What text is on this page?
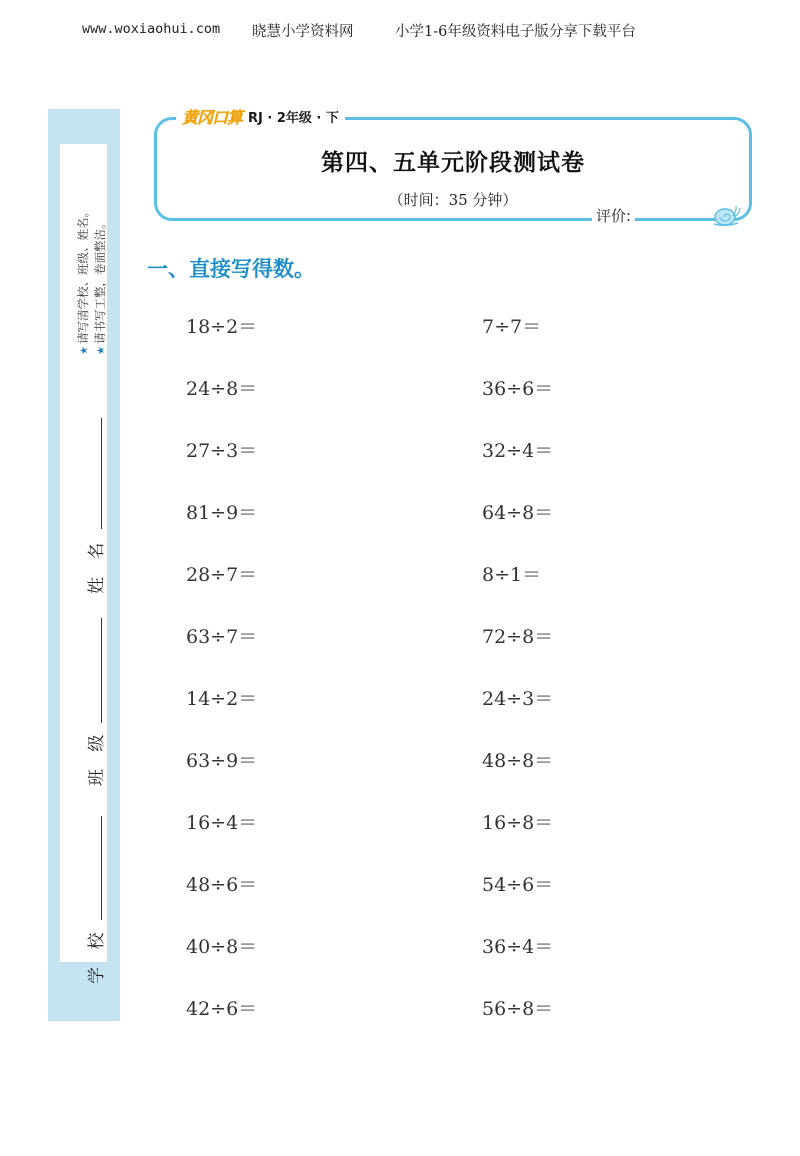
www.woxiaohui.com 晓慧小学资料网	小学1-6年级资料电子版分享下载平台
★请写清学校、班级、姓名。
★请书写工整，卷面整洁。
姓 名
班 级
学 校
黄冈口算 RJ · 2年级 · 下
第四、五单元阶段测试卷
（时间：35 分钟）
评价:
一、直接写得数。
18÷2＝
24÷8＝
27÷3＝
81÷9＝
28÷7＝
63÷7＝
14÷2＝
63÷9＝
16÷4＝
48÷6＝
40÷8＝
42÷6＝
7÷7＝
36÷6＝
32÷4＝
64÷8＝
8÷1＝
72÷8＝
24÷3＝
48÷8＝
16÷8＝
54÷6＝
36÷4＝
56÷8＝
